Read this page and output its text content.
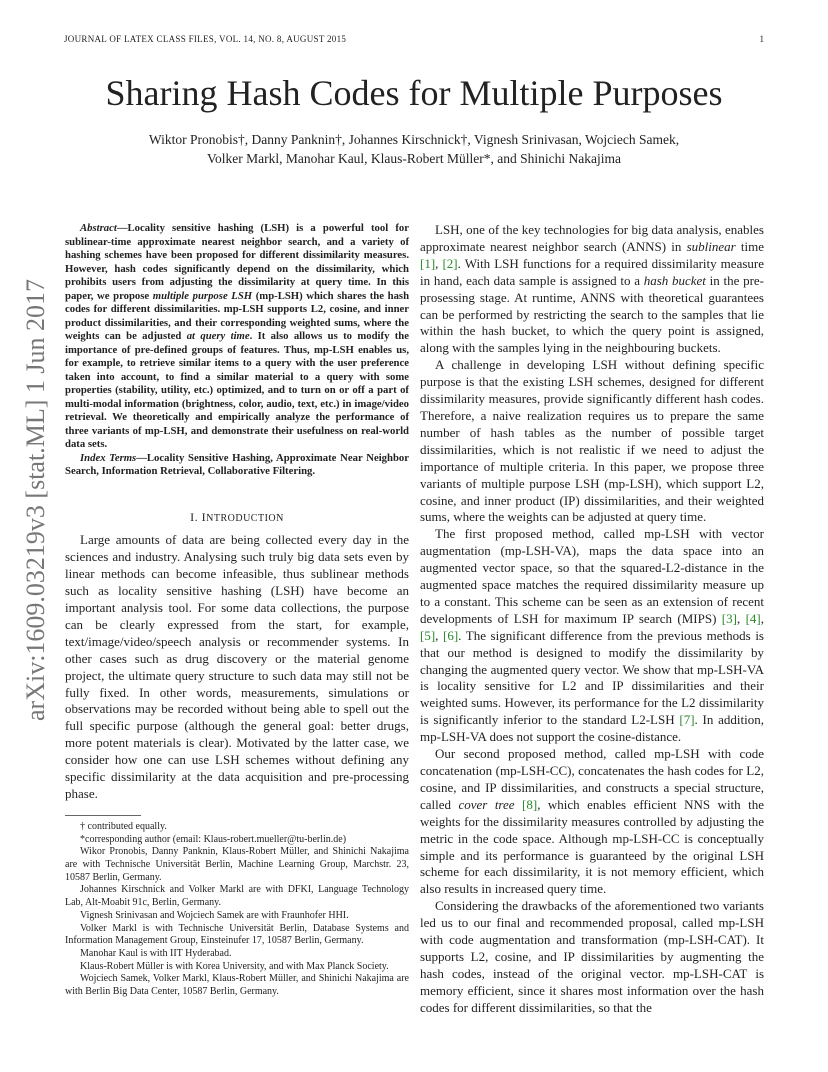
JOURNAL OF LATEX CLASS FILES, VOL. 14, NO. 8, AUGUST 2015	1
arXiv:1609.03219v3 [stat.ML] 1 Jun 2017
Sharing Hash Codes for Multiple Purposes
Wiktor Pronobis†, Danny Panknin†, Johannes Kirschnick†, Vignesh Srinivasan, Wojciech Samek,
Volker Markl, Manohar Kaul, Klaus-Robert Müller*, and Shinichi Nakajima

Abstract—Locality sensitive hashing (LSH) is a powerful tool for sublinear-time approximate nearest neighbor search, and a variety of hashing schemes have been proposed for different dissimilarity measures. However, hash codes significantly depend on the dissimilarity, which prohibits users from adjusting the dissimilarity at query time. In this paper, we propose multiple purpose LSH (mp-LSH) which shares the hash codes for different dissimilarities. mp-LSH supports L2, cosine, and inner product dissimilarities, and their corresponding weighted sums, where the weights can be adjusted at query time. It also allows us to modify the importance of pre-defined groups of features. Thus, mp-LSH enables us, for example, to retrieve similar items to a query with the user preference taken into account, to find a similar material to a query with some properties (stability, utility, etc.) optimized, and to turn on or off a part of multi-modal information (brightness, color, audio, text, etc.) in image/video retrieval. We theoretically and empirically analyze the performance of three variants of mp-LSH, and demonstrate their usefulness on real-world data sets.

Index Terms—Locality Sensitive Hashing, Approximate Near Neighbor Search, Information Retrieval, Collaborative Filtering.

I. INTRODUCTION

Large amounts of data are being collected every day in the sciences and industry. Analysing such truly big data sets even by linear methods can become infeasible, thus sublinear methods such as locality sensitive hashing (LSH) have become an important analysis tool. For some data collections, the purpose can be clearly expressed from the start, for example, text/image/video/speech analysis or recommender systems. In other cases such as drug discovery or the material genome project, the ultimate query structure to such data may still not be fully fixed. In other words, measurements, simulations or observations may be recorded without being able to spell out the full specific purpose (although the general goal: better drugs, more potent materials is clear). Motivated by the latter case, we consider how one can use LSH schemes without defining any specific dissimilarity at the data acquisition and pre-processing phase.

† contributed equally.
*corresponding author (email: Klaus-robert.mueller@tu-berlin.de)
Wikor Pronobis, Danny Panknin, Klaus-Robert Müller, and Shinichi Nakajima are with Technische Universität Berlin, Machine Learning Group, Marchstr. 23, 10587 Berlin, Germany.
Johannes Kirschnick and Volker Markl are with DFKI, Language Technology Lab, Alt-Moabit 91c, Berlin, Germany.
Vignesh Srinivasan and Wojciech Samek are with Fraunhofer HHI.
Volker Markl is with Technische Universität Berlin, Database Systems and Information Management Group, Einsteinufer 17, 10587 Berlin, Germany.
Manohar Kaul is with IIT Hyderabad.
Klaus-Robert Müller is with Korea University, and with Max Planck Society.
Wojciech Samek, Volker Markl, Klaus-Robert Müller, and Shinichi Nakajima are with Berlin Big Data Center, 10587 Berlin, Germany.

LSH, one of the key technologies for big data analysis, enables approximate nearest neighbor search (ANNS) in sublinear time [1], [2]. With LSH functions for a required dissimilarity measure in hand, each data sample is assigned to a hash bucket in the pre-prosessing stage. At runtime, ANNS with theoretical guarantees can be performed by restricting the search to the samples that lie within the hash bucket, to which the query point is assigned, along with the samples lying in the neighbouring buckets.

A challenge in developing LSH without defining specific purpose is that the existing LSH schemes, designed for different dissimilarity measures, provide significantly different hash codes. Therefore, a naive realization requires us to prepare the same number of hash tables as the number of possible target dissimilarities, which is not realistic if we need to adjust the importance of multiple criteria. In this paper, we propose three variants of multiple purpose LSH (mp-LSH), which support L2, cosine, and inner product (IP) dissimilarities, and their weighted sums, where the weights can be adjusted at query time.

The first proposed method, called mp-LSH with vector augmentation (mp-LSH-VA), maps the data space into an augmented vector space, so that the squared-L2-distance in the augmented space matches the required dissimilarity measure up to a constant. This scheme can be seen as an extension of recent developments of LSH for maximum IP search (MIPS) [3], [4], [5], [6]. The significant difference from the previous methods is that our method is designed to modify the dissimilarity by changing the augmented query vector. We show that mp-LSH-VA is locality sensitive for L2 and IP dissimilarities and their weighted sums. However, its performance for the L2 dissimilarity is significantly inferior to the standard L2-LSH [7]. In addition, mp-LSH-VA does not support the cosine-distance.

Our second proposed method, called mp-LSH with code concatenation (mp-LSH-CC), concatenates the hash codes for L2, cosine, and IP dissimilarities, and constructs a special structure, called cover tree [8], which enables efficient NNS with the weights for the dissimilarity measures controlled by adjusting the metric in the code space. Although mp-LSH-CC is conceptually simple and its performance is guaranteed by the original LSH scheme for each dissimilarity, it is not memory efficient, which also results in increased query time.

Considering the drawbacks of the aforementioned two variants led us to our final and recommended proposal, called mp-LSH with code augmentation and transformation (mp-LSH-CAT). It supports L2, cosine, and IP dissimilarities by augmenting the hash codes, instead of the original vector. mp-LSH-CAT is memory efficient, since it shares most information over the hash codes for different dissimilarities, so that the
